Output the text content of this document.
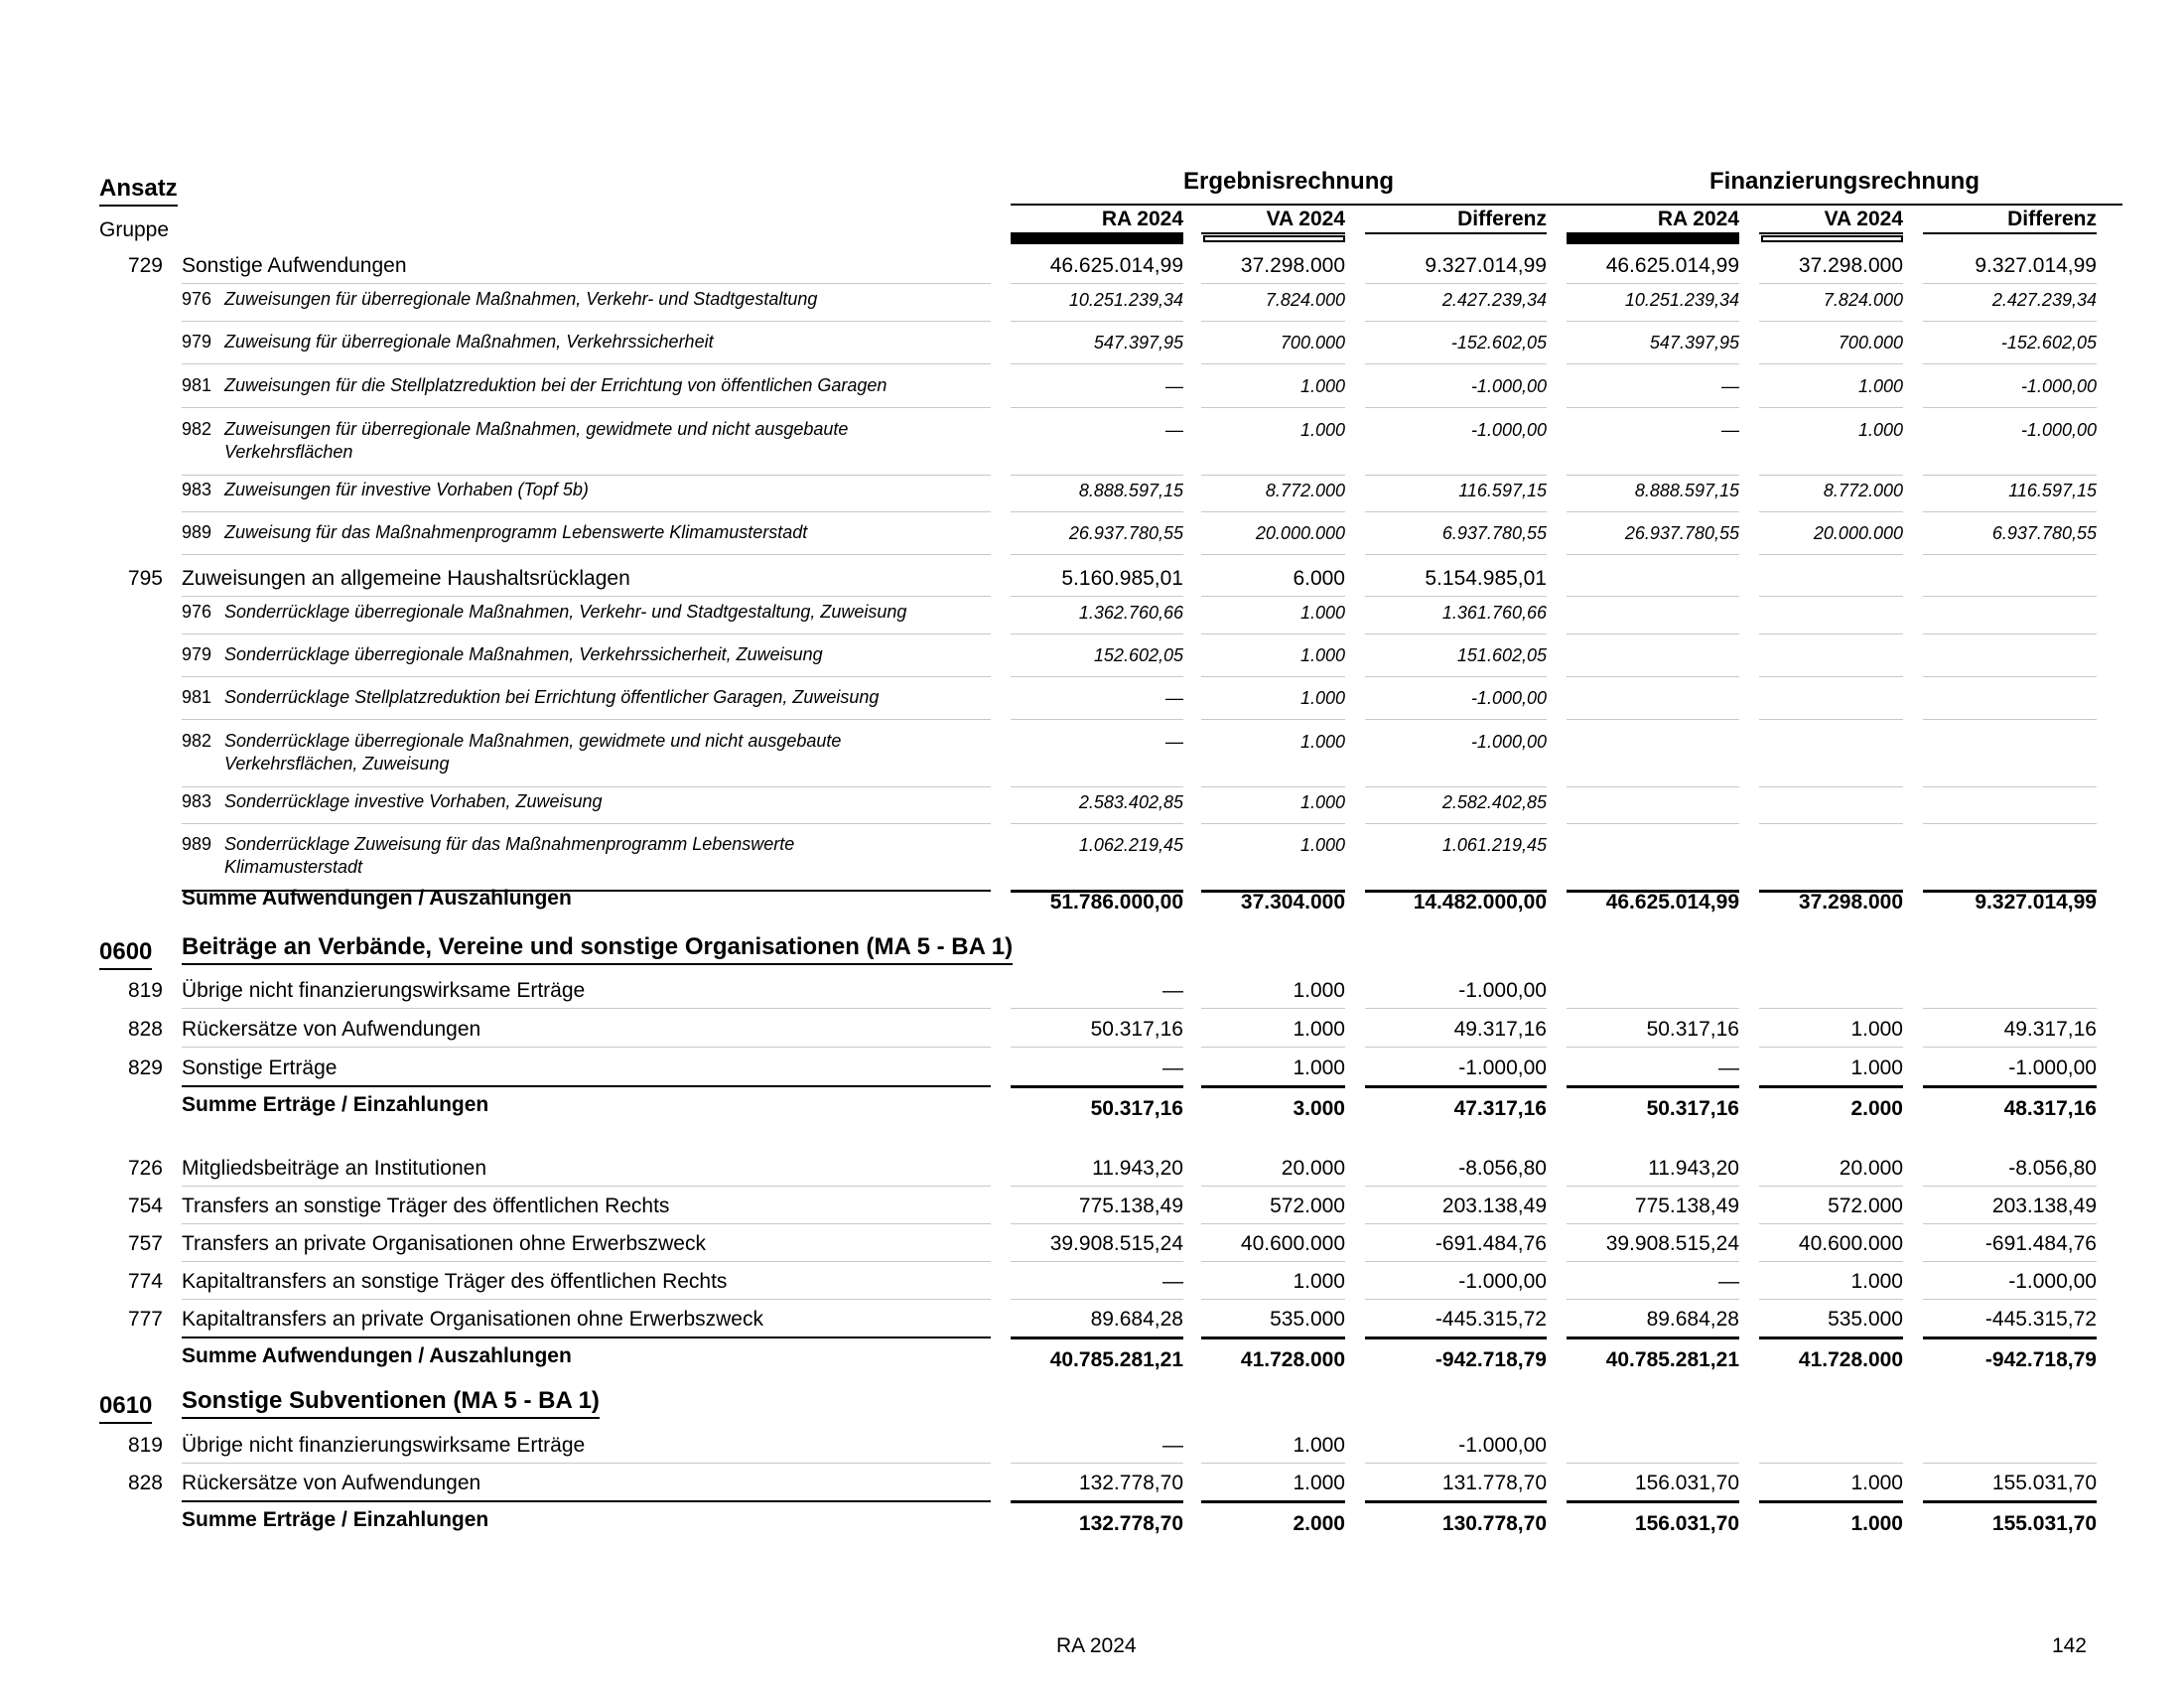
Ansatz
Gruppe
Ergebnisrechnung	Finanzierungsrechnung
RA 2024	VA 2024	Differenz	RA 2024	VA 2024	Differenz
729 Sonstige Aufwendungen	46.625.014,99	37.298.000	9.327.014,99	46.625.014,99	37.298.000	9.327.014,99
976 Zuweisungen für überregionale Maßnahmen, Verkehr- und Stadtgestaltung	10.251.239,34	7.824.000	2.427.239,34	10.251.239,34	7.824.000	2.427.239,34
979 Zuweisung für überregionale Maßnahmen, Verkehrssicherheit	547.397,95	700.000	-152.602,05	547.397,95	700.000	-152.602,05
981 Zuweisungen für die Stellplatzreduktion bei der Errichtung von öffentlichen Garagen	—	1.000	-1.000,00	—	1.000	-1.000,00
982 Zuweisungen für überregionale Maßnahmen, gewidmete und nicht ausgebaute
Verkehrsflächen
—	1.000	-1.000,00	—	1.000	-1.000,00
983 Zuweisungen für investive Vorhaben (Topf 5b)	8.888.597,15	8.772.000	116.597,15	8.888.597,15	8.772.000	116.597,15
989 Zuweisung für das Maßnahmenprogramm Lebenswerte Klimamusterstadt	26.937.780,55	20.000.000	6.937.780,55	26.937.780,55	20.000.000	6.937.780,55
795 Zuweisungen an allgemeine Haushaltsrücklagen	5.160.985,01	6.000	5.154.985,01
976 Sonderrücklage überregionale Maßnahmen, Verkehr- und Stadtgestaltung, Zuweisung	1.362.760,66	1.000	1.361.760,66
979 Sonderrücklage überregionale Maßnahmen, Verkehrssicherheit, Zuweisung	152.602,05	1.000	151.602,05
981 Sonderrücklage Stellplatzreduktion bei Errichtung öffentlicher Garagen, Zuweisung	—	1.000	-1.000,00
982 Sonderrücklage überregionale Maßnahmen, gewidmete und nicht ausgebaute
Verkehrsflächen, Zuweisung
—	1.000	-1.000,00
983 Sonderrücklage investive Vorhaben, Zuweisung	2.583.402,85	1.000	2.582.402,85
989 Sonderrücklage Zuweisung für das Maßnahmenprogramm Lebenswerte
Klimamusterstadt
1.062.219,45	1.000	1.061.219,45
Summe Aufwendungen / Auszahlungen	51.786.000,00	37.304.000	14.482.000,00	46.625.014,99	37.298.000	9.327.014,99
0600 Beiträge an Verbände, Vereine und sonstige Organisationen (MA 5 - BA 1)
819 Übrige nicht finanzierungswirksame Erträge	—	1.000	-1.000,00
828 Rückersätze von Aufwendungen	50.317,16	1.000	49.317,16	50.317,16	1.000	49.317,16
829 Sonstige Erträge	—	1.000	-1.000,00	—	1.000	-1.000,00
Summe Erträge / Einzahlungen	50.317,16	3.000	47.317,16	50.317,16	2.000	48.317,16
726 Mitgliedsbeiträge an Institutionen	11.943,20	20.000	-8.056,80	11.943,20	20.000	-8.056,80
754 Transfers an sonstige Träger des öffentlichen Rechts	775.138,49	572.000	203.138,49	775.138,49	572.000	203.138,49
757 Transfers an private Organisationen ohne Erwerbszweck	39.908.515,24	40.600.000	-691.484,76	39.908.515,24	40.600.000	-691.484,76
774 Kapitaltransfers an sonstige Träger des öffentlichen Rechts	—	1.000	-1.000,00	—	1.000	-1.000,00
777 Kapitaltransfers an private Organisationen ohne Erwerbszweck	89.684,28	535.000	-445.315,72	89.684,28	535.000	-445.315,72
Summe Aufwendungen / Auszahlungen	40.785.281,21	41.728.000	-942.718,79	40.785.281,21	41.728.000	-942.718,79
0610 Sonstige Subventionen (MA 5 - BA 1)
819 Übrige nicht finanzierungswirksame Erträge	—	1.000	-1.000,00
828 Rückersätze von Aufwendungen	132.778,70	1.000	131.778,70	156.031,70	1.000	155.031,70
Summe Erträge / Einzahlungen	132.778,70	2.000	130.778,70	156.031,70	1.000	155.031,70
RA 2024	142
